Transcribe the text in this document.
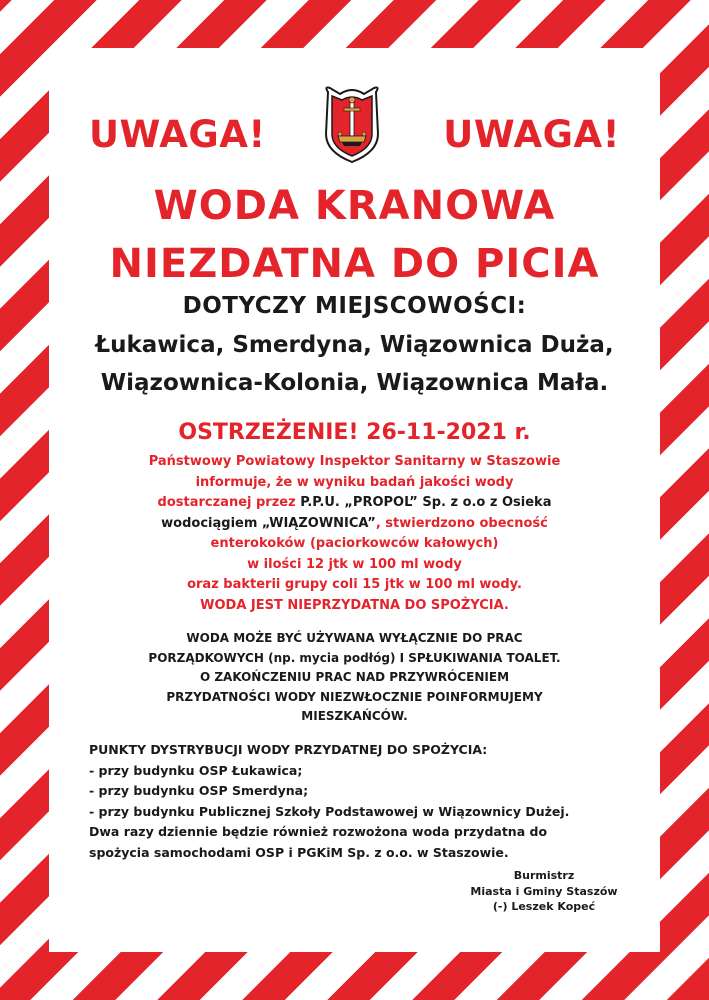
UWAGA!	UWAGA!
WODA KRANOWA
NIEZDATNA DO PICIA
DOTYCZY MIEJSCOWOŚCI:
Łukawica, Smerdyna, Wiązownica Duża,
Wiązownica-Kolonia, Wiązownica Mała.
OSTRZEŻENIE! 26-11-2021 r.
Państwowy Powiatowy Inspektor Sanitarny w Staszowie
informuje, że w wyniku badań jakości wody
dostarczanej przez P.P.U. „PROPOL” Sp. z o.o z Osieka
wodociągiem „WIĄZOWNICA”, stwierdzono obecność
enterokoków (paciorkowców kałowych)
w ilości 12 jtk w 100 ml wody
oraz bakterii grupy coli 15 jtk w 100 ml wody.
WODA JEST NIEPRZYDATNA DO SPOŻYCIA.
WODA MOŻE BYĆ UŻYWANA WYŁĄCZNIE DO PRAC
PORZĄDKOWYCH (np. mycia podłóg) I SPŁUKIWANIA TOALET.
O ZAKOŃCZENIU PRAC NAD PRZYWRÓCENIEM
PRZYDATNOŚCI WODY NIEZWŁOCZNIE POINFORMUJEMY
MIESZKAŃCÓW.
PUNKTY DYSTRYBUCJI WODY PRZYDATNEJ DO SPOŻYCIA:
- przy budynku OSP Łukawica;
- przy budynku OSP Smerdyna;
- przy budynku Publicznej Szkoły Podstawowej w Wiązownicy Dużej.
Dwa razy dziennie będzie również rozwożona woda przydatna do
spożycia samochodami OSP i PGKiM Sp. z o.o. w Staszowie.
Burmistrz
Miasta i Gminy Staszów
(-) Leszek Kopeć
